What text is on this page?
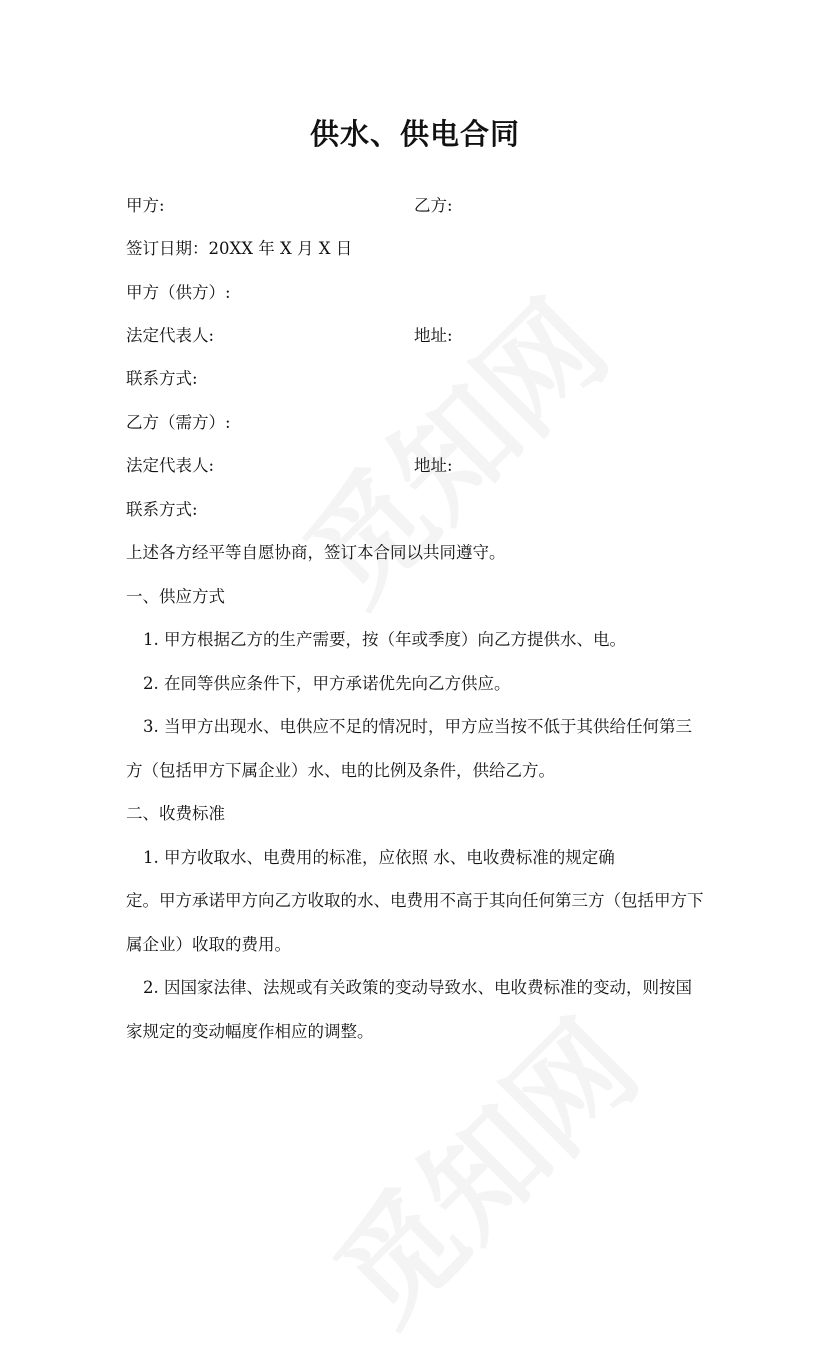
供水、供电合同
甲方:	乙方:
签订日期：20XX 年 X 月 X 日
甲方（供方）:
法定代表人:	地址:
联系方式:
乙方（需方）:
法定代表人:	地址:
联系方式:
上述各方经平等自愿协商，签订本合同以共同遵守。
一、供应方式
1. 甲方根据乙方的生产需要，按（年或季度）向乙方提供水、电。
2. 在同等供应条件下，甲方承诺优先向乙方供应。
3. 当甲方出现水、电供应不足的情况时，甲方应当按不低于其供给任何第三
方（包括甲方下属企业）水、电的比例及条件，供给乙方。
二、收费标准
1. 甲方收取水、电费用的标准，应依照 水、电收费标准的规定确
定。甲方承诺甲方向乙方收取的水、电费用不高于其向任何第三方（包括甲方下
属企业）收取的费用。
2. 因国家法律、法规或有关政策的变动导致水、电收费标准的变动，则按国
家规定的变动幅度作相应的调整。
